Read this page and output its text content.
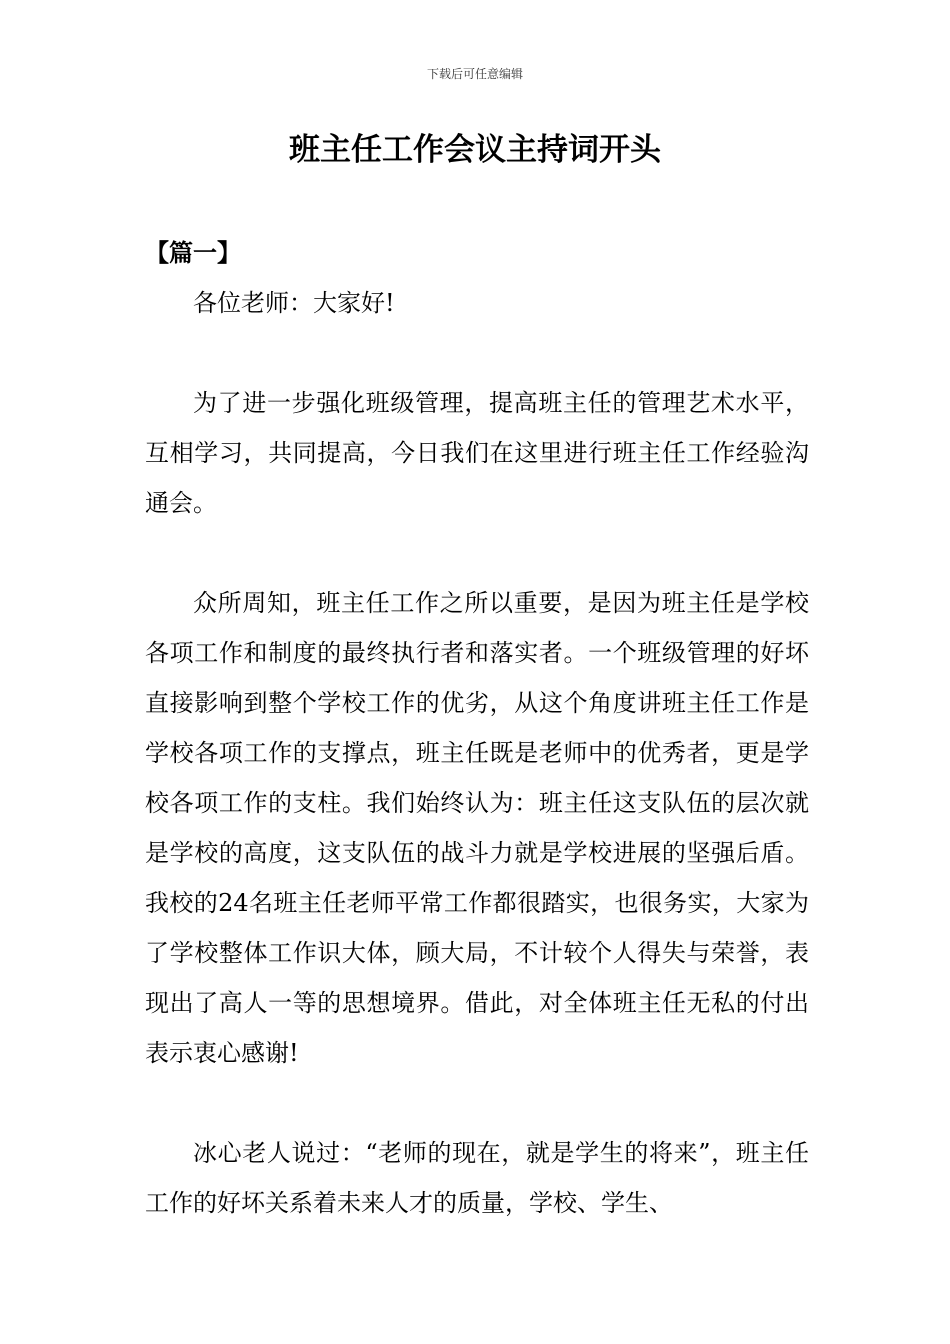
下载后可任意编辑
班主任工作会议主持词开头

【篇一】

各位老师：大家好!

为了进一步强化班级管理，提高班主任的管理艺术水平，互相学习，共同提高，今日我们在这里进行班主任工作经验沟通会。

众所周知，班主任工作之所以重要，是因为班主任是学校各项工作和制度的最终执行者和落实者。一个班级管理的好坏直接影响到整个学校工作的优劣，从这个角度讲班主任工作是学校各项工作的支撑点，班主任既是老师中的优秀者，更是学校各项工作的支柱。我们始终认为：班主任这支队伍的层次就是学校的高度，这支队伍的战斗力就是学校进展的坚强后盾。我校的24名班主任老师平常工作都很踏实，也很务实，大家为了学校整体工作识大体，顾大局，不计较个人得失与荣誉，表现出了高人一等的思想境界。借此，对全体班主任无私的付出表示衷心感谢!

冰心老人说过：“老师的现在，就是学生的将来”，班主任工作的好坏关系着未来人才的质量，学校、学生、
